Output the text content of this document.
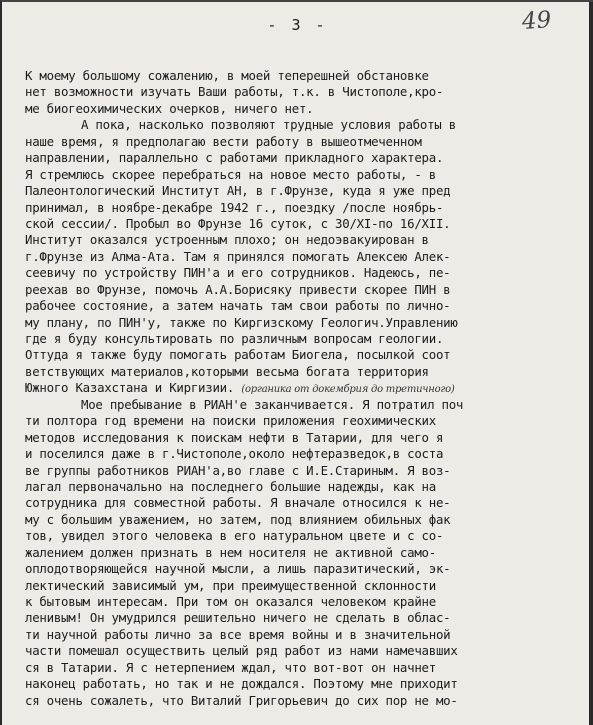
- 3 -	49
К моему большому сожалению, в моей теперешней обстановке
нет возможности изучать Ваши работы, т.к. в Чистополе,кро-
ме биогеохимических очерков, ничего нет.
А пока, насколько позволяют трудные условия работы в
наше время, я предполагаю вести работу в вышеотмеченном
направлении, параллельно с работами прикладного характера.
Я стремлюсь скорее перебраться на новое место работы, - в
Палеонтологический Институт АН, в г.Фрунзе, куда я уже пред
принимал, в ноябре-декабре 1942 г., поездку /после ноябрь-
ской сессии/. Пробыл во Фрунзе 16 суток, с 30/XI-по 16/XII.
Институт оказался устроенным плохо; он недоэвакуирован в
г.Фрунзе из Алма-Ата. Там я принялся помогать Алексею Алек-
сеевичу по устройству ПИН'а и его сотрудников. Надеюсь, пе-
реехав во Фрунзе, помочь А.А.Борисяку привести скорее ПИН в
рабочее состояние, а затем начать там свои работы по лично-
му плану, по ПИН'у, также по Киргизскому Геологич.Управлению
где я буду консультировать по различным вопросам геологии.
Оттуда я также буду помогать работам Биогела, посылкой соот
ветствующих материалов,которыми весьма богата территория
Южного Казахстана и Киргизии. (органика от докембрия до третичного)
Мое пребывание в РИАН'е заканчивается. Я потратил поч
ти полтора год времени на поиски приложения геохимических
методов исследования к поискам нефти в Татарии, для чего я
и поселился даже в г.Чистополе,около нефтеразведок,в соста
ве группы работников РИАН'а,во главе с И.Е.Стариным. Я воз-
лагал первоначально на последнего большие надежды, как на
сотрудника для совместной работы. Я вначале относился к не-
му с большим уважением, но затем, под влиянием обильных фак
тов, увидел этого человека в его натуральном цвете и с со-
жалением должен признать в нем носителя не активной само-
оплодотворяющейся научной мысли, а лишь паразитический, эк-
лектический зависимый ум, при преимущественной склонности
к бытовым интересам. При том он оказался человеком крайне
ленивым! Он умудрился решительно ничего не сделать в облас-
ти научной работы лично за все время войны и в значительной
части помешал осуществить целый ряд работ из нами намечавших
ся в Татарии. Я с нетерпением ждал, что вот-вот он начнет
наконец работать, но так и не дождался. Поэтому мне приходит
ся очень сожалеть, что Виталий Григорьевич до сих пор не мо-
